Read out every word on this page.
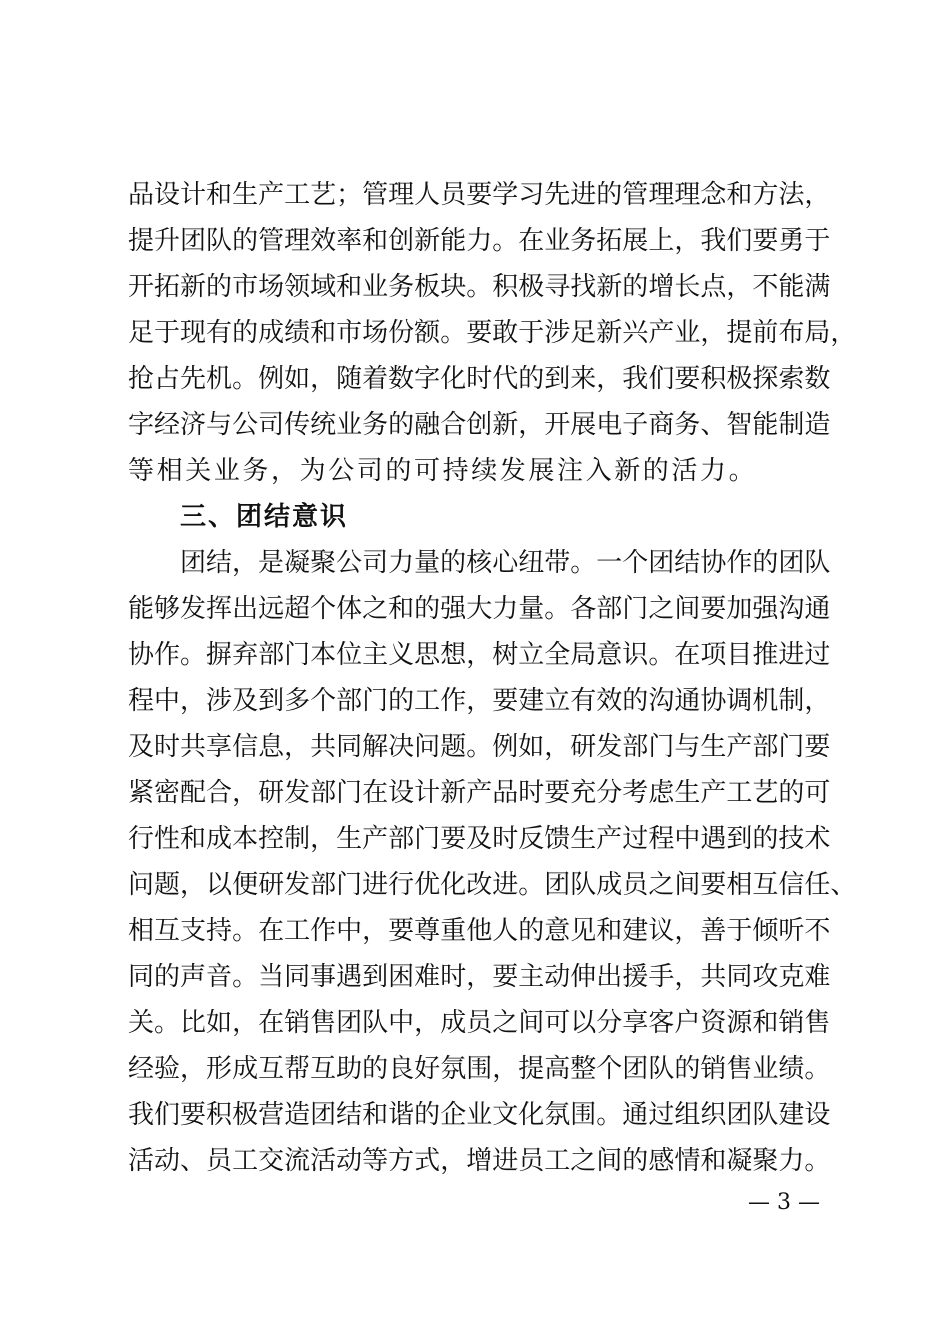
品 设 计 和 生 产 工 艺 ； 管 理 人 员 要 学 习 先 进 的 管 理 理 念 和 方 法 ，
提 升 团 队 的 管 理 效 率 和 创 新 能 力 。 在 业 务 拓 展 上 ， 我 们 要 勇 于
开 拓 新 的 市 场 领 域 和 业 务 板 块 。 积 极 寻 找 新 的 增 长 点 ， 不 能 满
足 于 现 有 的 成 绩 和 市 场 份 额 。 要 敢 于 涉 足 新 兴 产 业 ， 提 前 布 局 ，
抢 占 先 机 。 例 如 ， 随 着 数 字 化 时 代 的 到 来 ， 我 们 要 积 极 探 索 数
字 经 济 与 公 司 传 统 业 务 的 融 合 创 新 ， 开 展 电 子 商 务 、 智 能 制 造
等相关业务，为公司的可持续发展注入新的活力。
三、团结意识
团 结 ， 是 凝 聚 公 司 力 量 的 核 心 纽 带 。 一 个 团 结 协 作 的 团 队
能 够 发 挥 出 远 超 个 体 之 和 的 强 大 力 量 。 各 部 门 之 间 要 加 强 沟 通
协 作 。 摒 弃 部 门 本 位 主 义 思 想 ， 树 立 全 局 意 识 。 在 项 目 推 进 过
程 中 ， 涉 及 到 多 个 部 门 的 工 作 ， 要 建 立 有 效 的 沟 通 协 调 机 制 ，
及 时 共 享 信 息 ， 共 同 解 决 问 题 。 例 如 ， 研 发 部 门 与 生 产 部 门 要
紧 密 配 合 ， 研 发 部 门 在 设 计 新 产 品 时 要 充 分 考 虑 生 产 工 艺 的 可
行 性 和 成 本 控 制 ， 生 产 部 门 要 及 时 反 馈 生 产 过 程 中 遇 到 的 技 术
问 题 ， 以 便 研 发 部 门 进 行 优 化 改 进 。 团 队 成 员 之 间 要 相 互 信 任 、
相 互 支 持 。 在 工 作 中 ， 要 尊 重 他 人 的 意 见 和 建 议 ， 善 于 倾 听 不
同 的 声 音 。 当 同 事 遇 到 困 难 时 ， 要 主 动 伸 出 援 手 ， 共 同 攻 克 难
关 。 比 如 ， 在 销 售 团 队 中 ， 成 员 之 间 可 以 分 享 客 户 资 源 和 销 售
经 验 ， 形 成 互 帮 互 助 的 良 好 氛 围 ， 提 高 整 个 团 队 的 销 售 业 绩 。
我 们 要 积 极 营 造 团 结 和 谐 的 企 业 文 化 氛 围 。 通 过 组 织 团 队 建 设
活 动 、 员 工 交 流 活 动 等 方 式 ， 增 进 员 工 之 间 的 感 情 和 凝 聚 力 。
— 3 —
